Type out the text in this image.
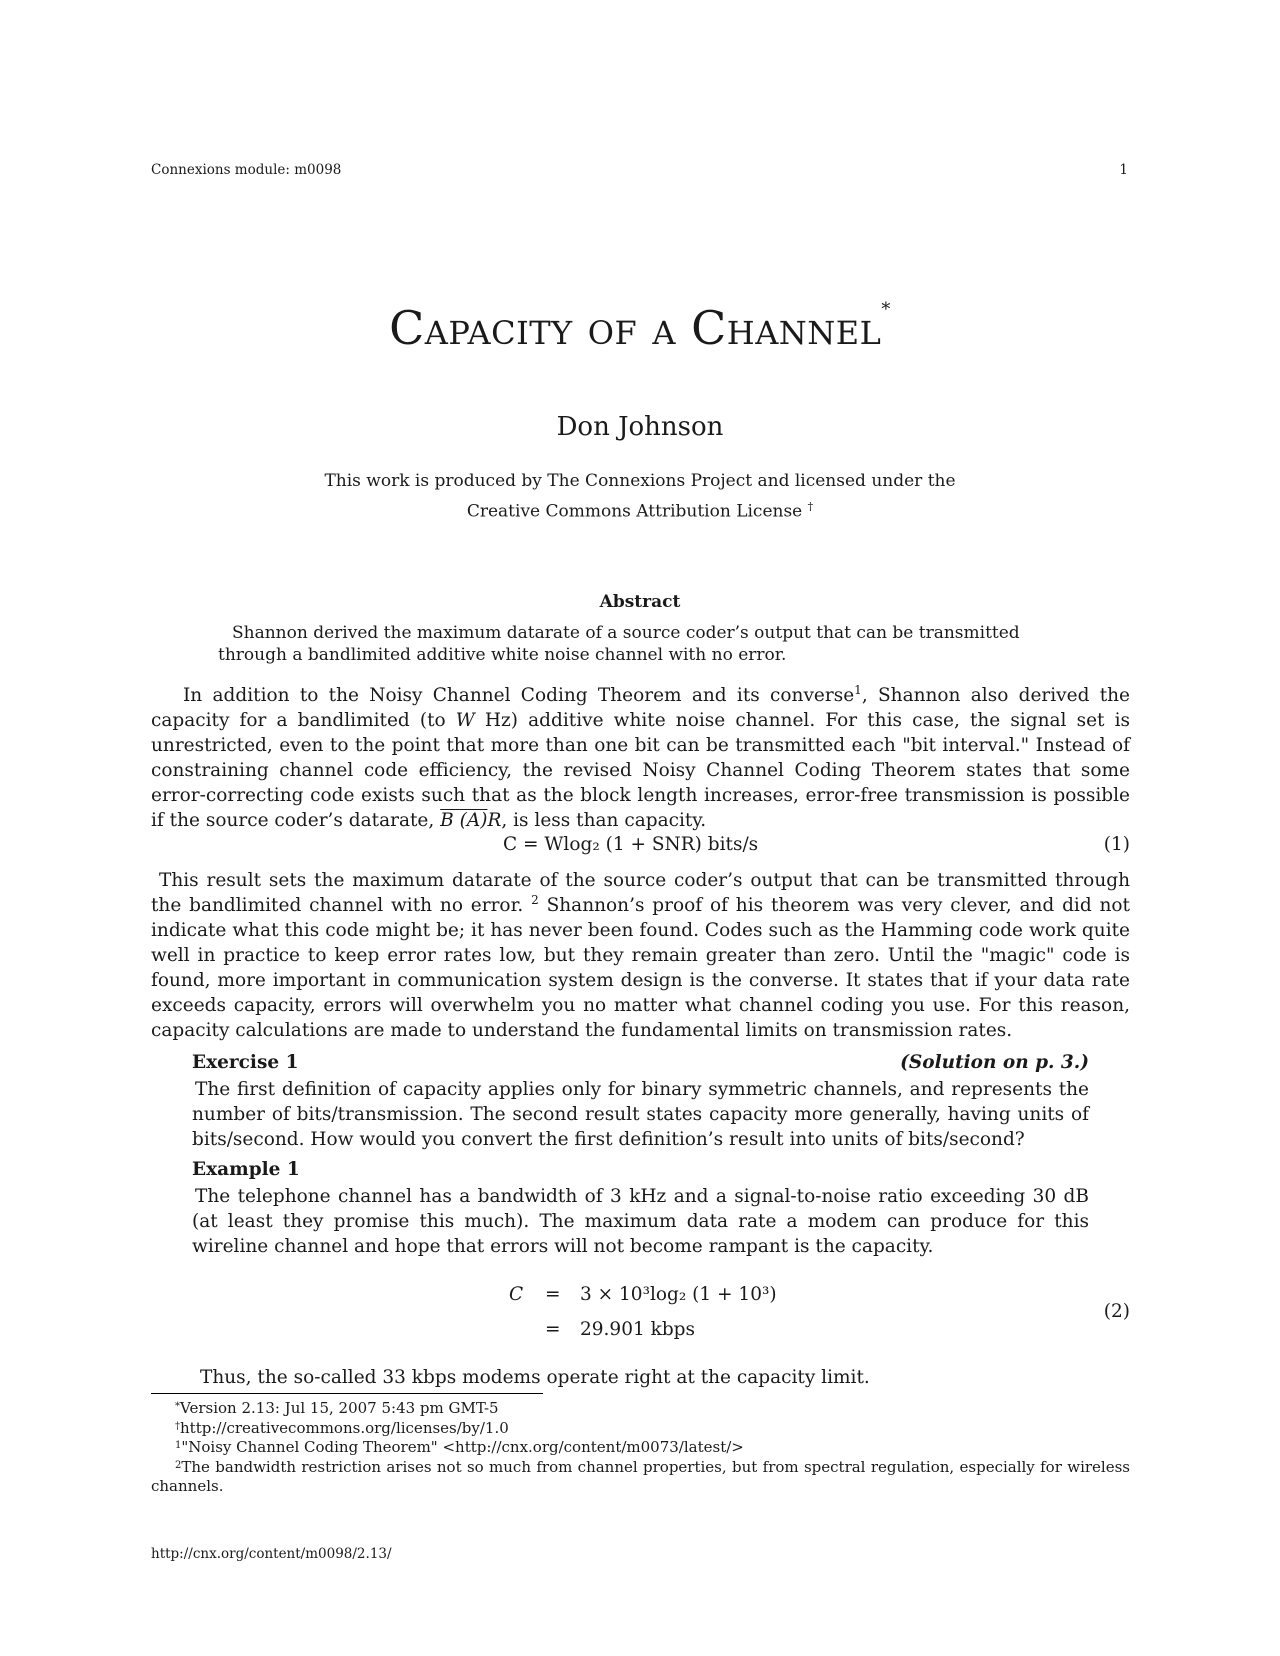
Connexions module: m0098	1
Capacity of a Channel*
Don Johnson
This work is produced by The Connexions Project and licensed under the
Creative Commons Attribution License †
Abstract
Shannon derived the maximum datarate of a source coder’s output that can be transmitted through a bandlimited additive white noise channel with no error.

In addition to the Noisy Channel Coding Theorem and its converse$^1$, Shannon also derived the capacity for a bandlimited (to W Hz) additive white noise channel. For this case, the signal set is unrestricted, even to the point that more than one bit can be transmitted each "bit interval." Instead of constraining channel code efficiency, the revised Noisy Channel Coding Theorem states that some error-correcting code exists such that as the block length increases, error-free transmission is possible if the source coder’s datarate, B (A)R, is less than capacity.

C = Wlog₂ (1 + SNR) bits/s	(1)

This result sets the maximum datarate of the source coder’s output that can be transmitted through the bandlimited channel with no error. $^2$ Shannon’s proof of his theorem was very clever, and did not indicate what this code might be; it has never been found. Codes such as the Hamming code work quite well in practice to keep error rates low, but they remain greater than zero. Until the "magic" code is found, more important in communication system design is the converse. It states that if your data rate exceeds capacity, errors will overwhelm you no matter what channel coding you use. For this reason, capacity calculations are made to understand the fundamental limits on transmission rates.

Exercise 1	(Solution on p. 3.)

The first definition of capacity applies only for binary symmetric channels, and represents the number of bits/transmission. The second result states capacity more generally, having units of bits/second. How would you convert the first definition’s result into units of bits/second?

Example 1

The telephone channel has a bandwidth of 3 kHz and a signal-to-noise ratio exceeding 30 dB (at least they promise this much). The maximum data rate a modem can produce for this wireline channel and hope that errors will not become rampant is the capacity.

C = 3 × 10³log₂ (1 + 10³)
= 29.901 kbps
(2)
Thus, the so-called 33 kbps modems operate right at the capacity limit.
*Version 2.13: Jul 15, 2007 5:43 pm GMT-5
†http://creativecommons.org/licenses/by/1.0
$^1$"Noisy Channel Coding Theorem" <http://cnx.org/content/m0073/latest/>
$^2$The bandwidth restriction arises not so much from channel properties, but from spectral regulation, especially for wireless channels.
http://cnx.org/content/m0098/2.13/
